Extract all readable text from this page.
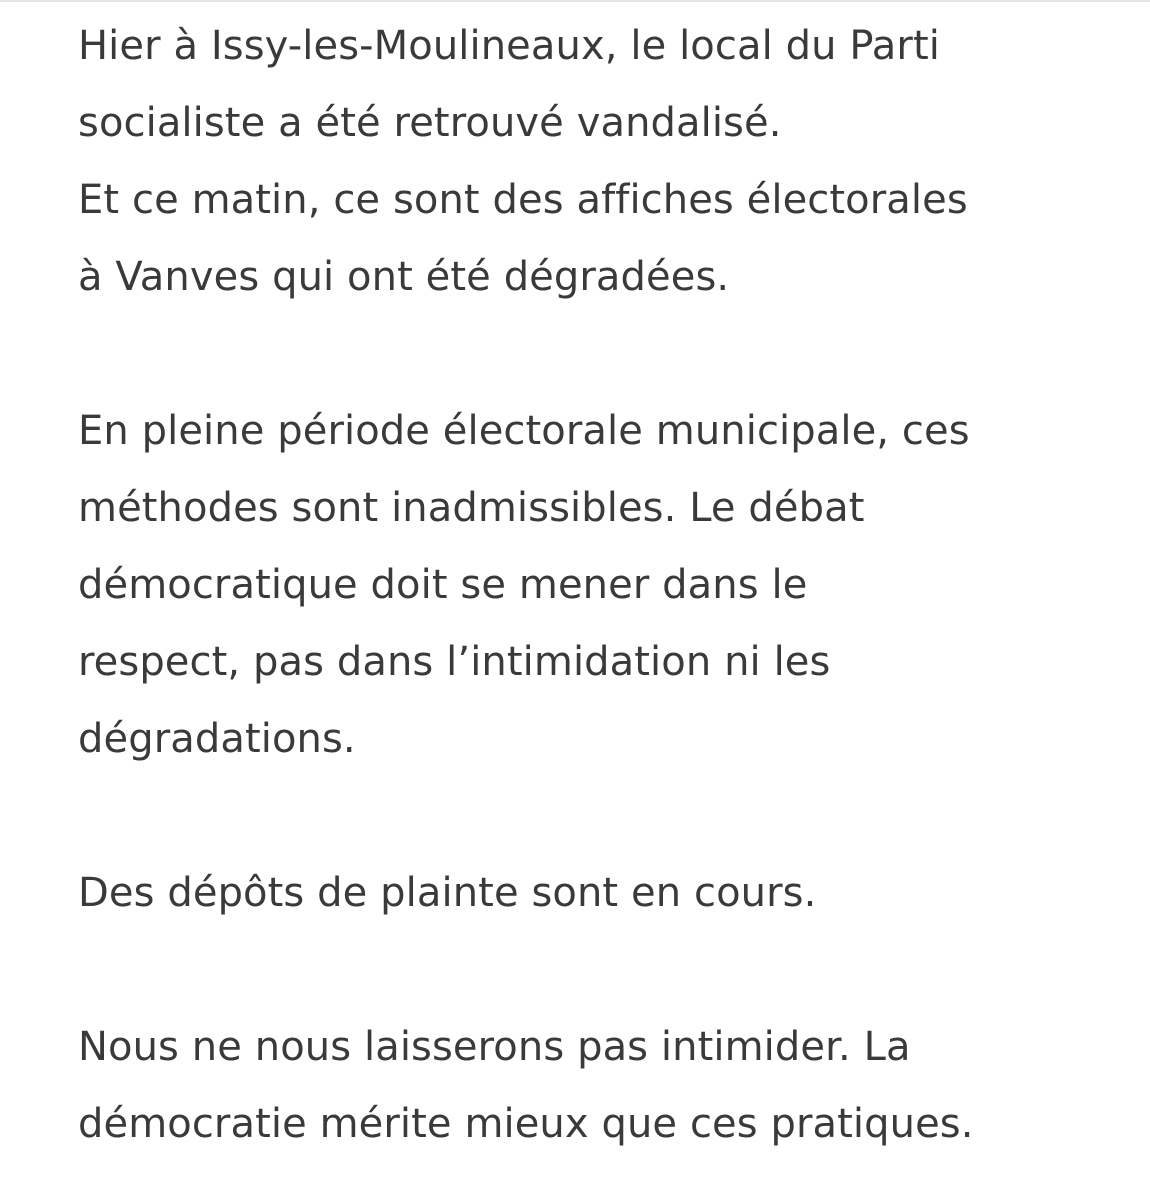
Hier à Issy-les-Moulineaux, le local du Parti
socialiste a été retrouvé vandalisé.
Et ce matin, ce sont des affiches électorales
à Vanves qui ont été dégradées.
En pleine période électorale municipale, ces
méthodes sont inadmissibles. Le débat
démocratique doit se mener dans le
respect, pas dans l’intimidation ni les
dégradations.
Des dépôts de plainte sont en cours.
Nous ne nous laisserons pas intimider. La
démocratie mérite mieux que ces pratiques.
